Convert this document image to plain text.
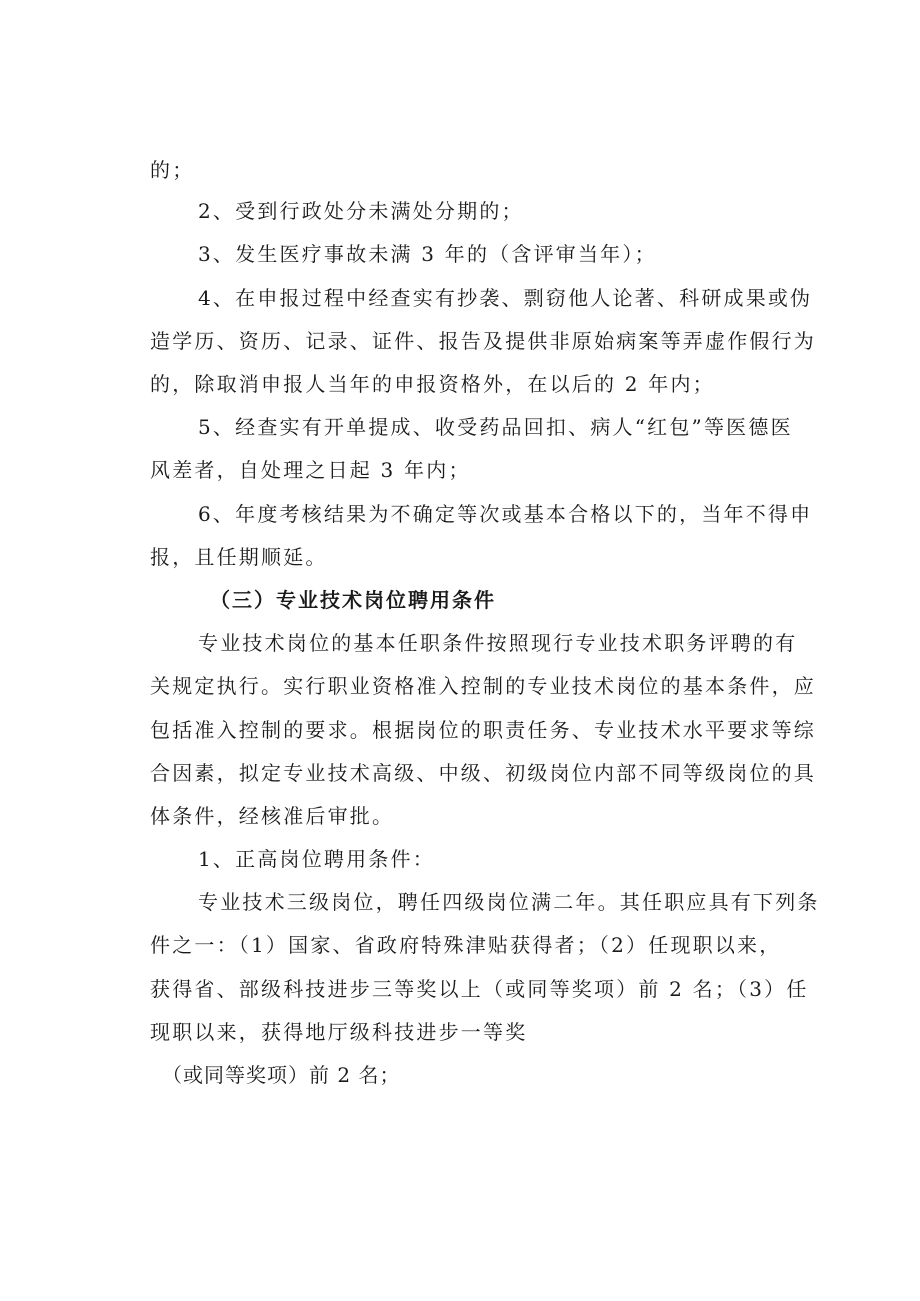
的；
2、受到行政处分未满处分期的；
3、发生医疗事故未满 3 年的（含评审当年）；
4、在申报过程中经查实有抄袭、剽窃他人论著、科研成果或伪
造学历、资历、记录、证件、报告及提供非原始病案等弄虚作假行为
的，除取消申报人当年的申报资格外，在以后的 2 年内；
5、经查实有开单提成、收受药品回扣、病人“红包”等医德医
风差者，自处理之日起 3 年内；
6、年度考核结果为不确定等次或基本合格以下的，当年不得申
报，且任期顺延。
（三）专业技术岗位聘用条件
专业技术岗位的基本任职条件按照现行专业技术职务评聘的有
关规定执行。实行职业资格准入控制的专业技术岗位的基本条件，应
包括准入控制的要求。根据岗位的职责任务、专业技术水平要求等综
合因素，拟定专业技术高级、中级、初级岗位内部不同等级岗位的具
体条件，经核准后审批。
1、正高岗位聘用条件：
专业技术三级岗位，聘任四级岗位满二年。其任职应具有下列条
件之一：（1）国家、省政府特殊津贴获得者；（2）任现职以来，
获得省、部级科技进步三等奖以上（或同等奖项）前 2 名；（3）任
现职以来，获得地厅级科技进步一等奖
（或同等奖项）前 2 名；
